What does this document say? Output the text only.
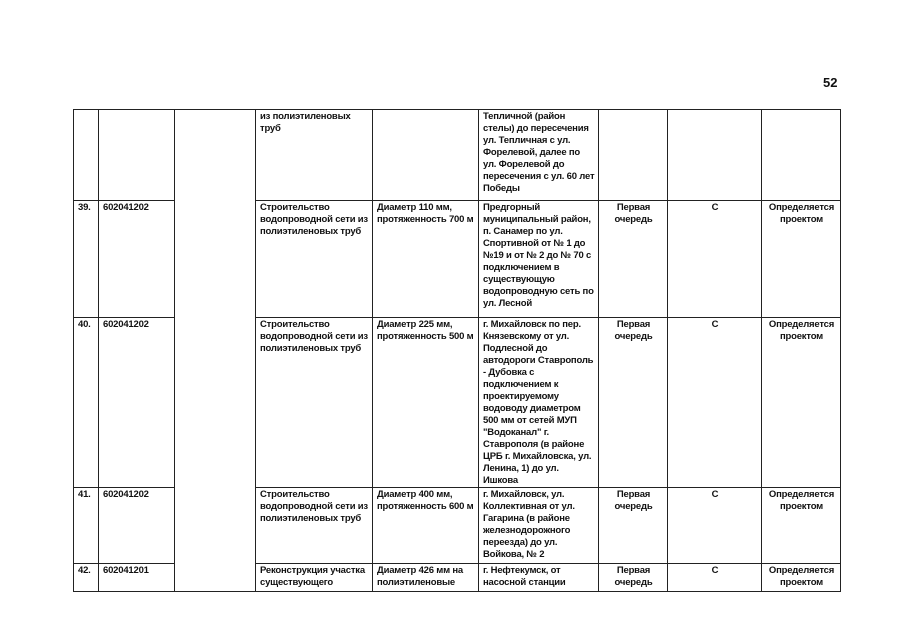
52
			из полиэтиленовых труб		Тепличной (район стелы) до пересечения ул. Тепличная с ул. Форелевой, далее по ул. Форелевой до пересечения с ул. 60 лет Победы			
39.	602041202		Строительство водопроводной сети из полиэтиленовых труб	Диаметр 110 мм, протяженность 700 м	Предгорный муниципальный район, п. Санамер по ул. Спортивной от № 1 до №19 и от № 2 до № 70 с подключением в существующую водопроводную сеть по ул. Лесной	Первая очередь	С	Определяется проектом
40.	602041202		Строительство водопроводной сети из полиэтиленовых труб	Диаметр 225 мм, протяженность 500 м	г. Михайловск по пер. Князевскому от ул. Подлесной до автодороги Ставрополь - Дубовка с подключением к проектируемому водоводу диаметром 500 мм от сетей МУП "Водоканал" г. Ставрополя (в районе ЦРБ г. Михайловска, ул. Ленина, 1) до ул. Ишкова	Первая очередь	С	Определяется проектом
41.	602041202		Строительство водопроводной сети из полиэтиленовых труб	Диаметр 400 мм, протяженность 600 м	г. Михайловск, ул. Коллективная от ул. Гагарина (в районе железнодорожного переезда) до ул. Войкова, № 2	Первая очередь	С	Определяется проектом
42.	602041201		Реконструкция участка существующего	Диаметр 426 мм на полиэтиленовые	г. Нефтекумск, от насосной станции	Первая очередь	С	Определяется проектом
